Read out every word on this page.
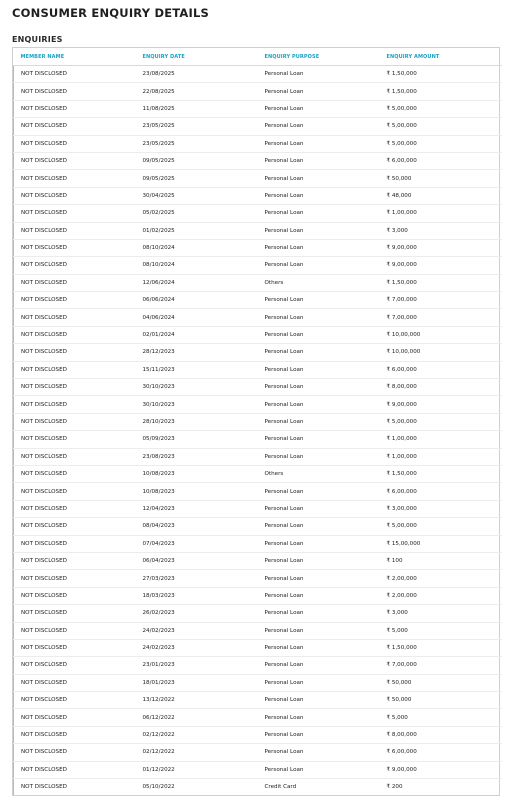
CONSUMER ENQUIRY DETAILS
ENQUIRIES
MEMBER NAME	ENQUIRY DATE	ENQUIRY PURPOSE	ENQUIRY AMOUNT
NOT DISCLOSED	23/08/2025	Personal Loan	₹ 1,50,000
NOT DISCLOSED	22/08/2025	Personal Loan	₹ 1,50,000
NOT DISCLOSED	11/08/2025	Personal Loan	₹ 5,00,000
NOT DISCLOSED	23/05/2025	Personal Loan	₹ 5,00,000
NOT DISCLOSED	23/05/2025	Personal Loan	₹ 5,00,000
NOT DISCLOSED	09/05/2025	Personal Loan	₹ 6,00,000
NOT DISCLOSED	09/05/2025	Personal Loan	₹ 50,000
NOT DISCLOSED	30/04/2025	Personal Loan	₹ 48,000
NOT DISCLOSED	05/02/2025	Personal Loan	₹ 1,00,000
NOT DISCLOSED	01/02/2025	Personal Loan	₹ 3,000
NOT DISCLOSED	08/10/2024	Personal Loan	₹ 9,00,000
NOT DISCLOSED	08/10/2024	Personal Loan	₹ 9,00,000
NOT DISCLOSED	12/06/2024	Others	₹ 1,50,000
NOT DISCLOSED	06/06/2024	Personal Loan	₹ 7,00,000
NOT DISCLOSED	04/06/2024	Personal Loan	₹ 7,00,000
NOT DISCLOSED	02/01/2024	Personal Loan	₹ 10,00,000
NOT DISCLOSED	28/12/2023	Personal Loan	₹ 10,00,000
NOT DISCLOSED	15/11/2023	Personal Loan	₹ 6,00,000
NOT DISCLOSED	30/10/2023	Personal Loan	₹ 8,00,000
NOT DISCLOSED	30/10/2023	Personal Loan	₹ 9,00,000
NOT DISCLOSED	28/10/2023	Personal Loan	₹ 5,00,000
NOT DISCLOSED	05/09/2023	Personal Loan	₹ 1,00,000
NOT DISCLOSED	23/08/2023	Personal Loan	₹ 1,00,000
NOT DISCLOSED	10/08/2023	Others	₹ 1,50,000
NOT DISCLOSED	10/08/2023	Personal Loan	₹ 6,00,000
NOT DISCLOSED	12/04/2023	Personal Loan	₹ 3,00,000
NOT DISCLOSED	08/04/2023	Personal Loan	₹ 5,00,000
NOT DISCLOSED	07/04/2023	Personal Loan	₹ 15,00,000
NOT DISCLOSED	06/04/2023	Personal Loan	₹ 100
NOT DISCLOSED	27/03/2023	Personal Loan	₹ 2,00,000
NOT DISCLOSED	18/03/2023	Personal Loan	₹ 2,00,000
NOT DISCLOSED	26/02/2023	Personal Loan	₹ 3,000
NOT DISCLOSED	24/02/2023	Personal Loan	₹ 5,000
NOT DISCLOSED	24/02/2023	Personal Loan	₹ 1,50,000
NOT DISCLOSED	23/01/2023	Personal Loan	₹ 7,00,000
NOT DISCLOSED	18/01/2023	Personal Loan	₹ 50,000
NOT DISCLOSED	13/12/2022	Personal Loan	₹ 50,000
NOT DISCLOSED	06/12/2022	Personal Loan	₹ 5,000
NOT DISCLOSED	02/12/2022	Personal Loan	₹ 8,00,000
NOT DISCLOSED	02/12/2022	Personal Loan	₹ 6,00,000
NOT DISCLOSED	01/12/2022	Personal Loan	₹ 9,00,000
NOT DISCLOSED	05/10/2022	Credit Card	₹ 200
